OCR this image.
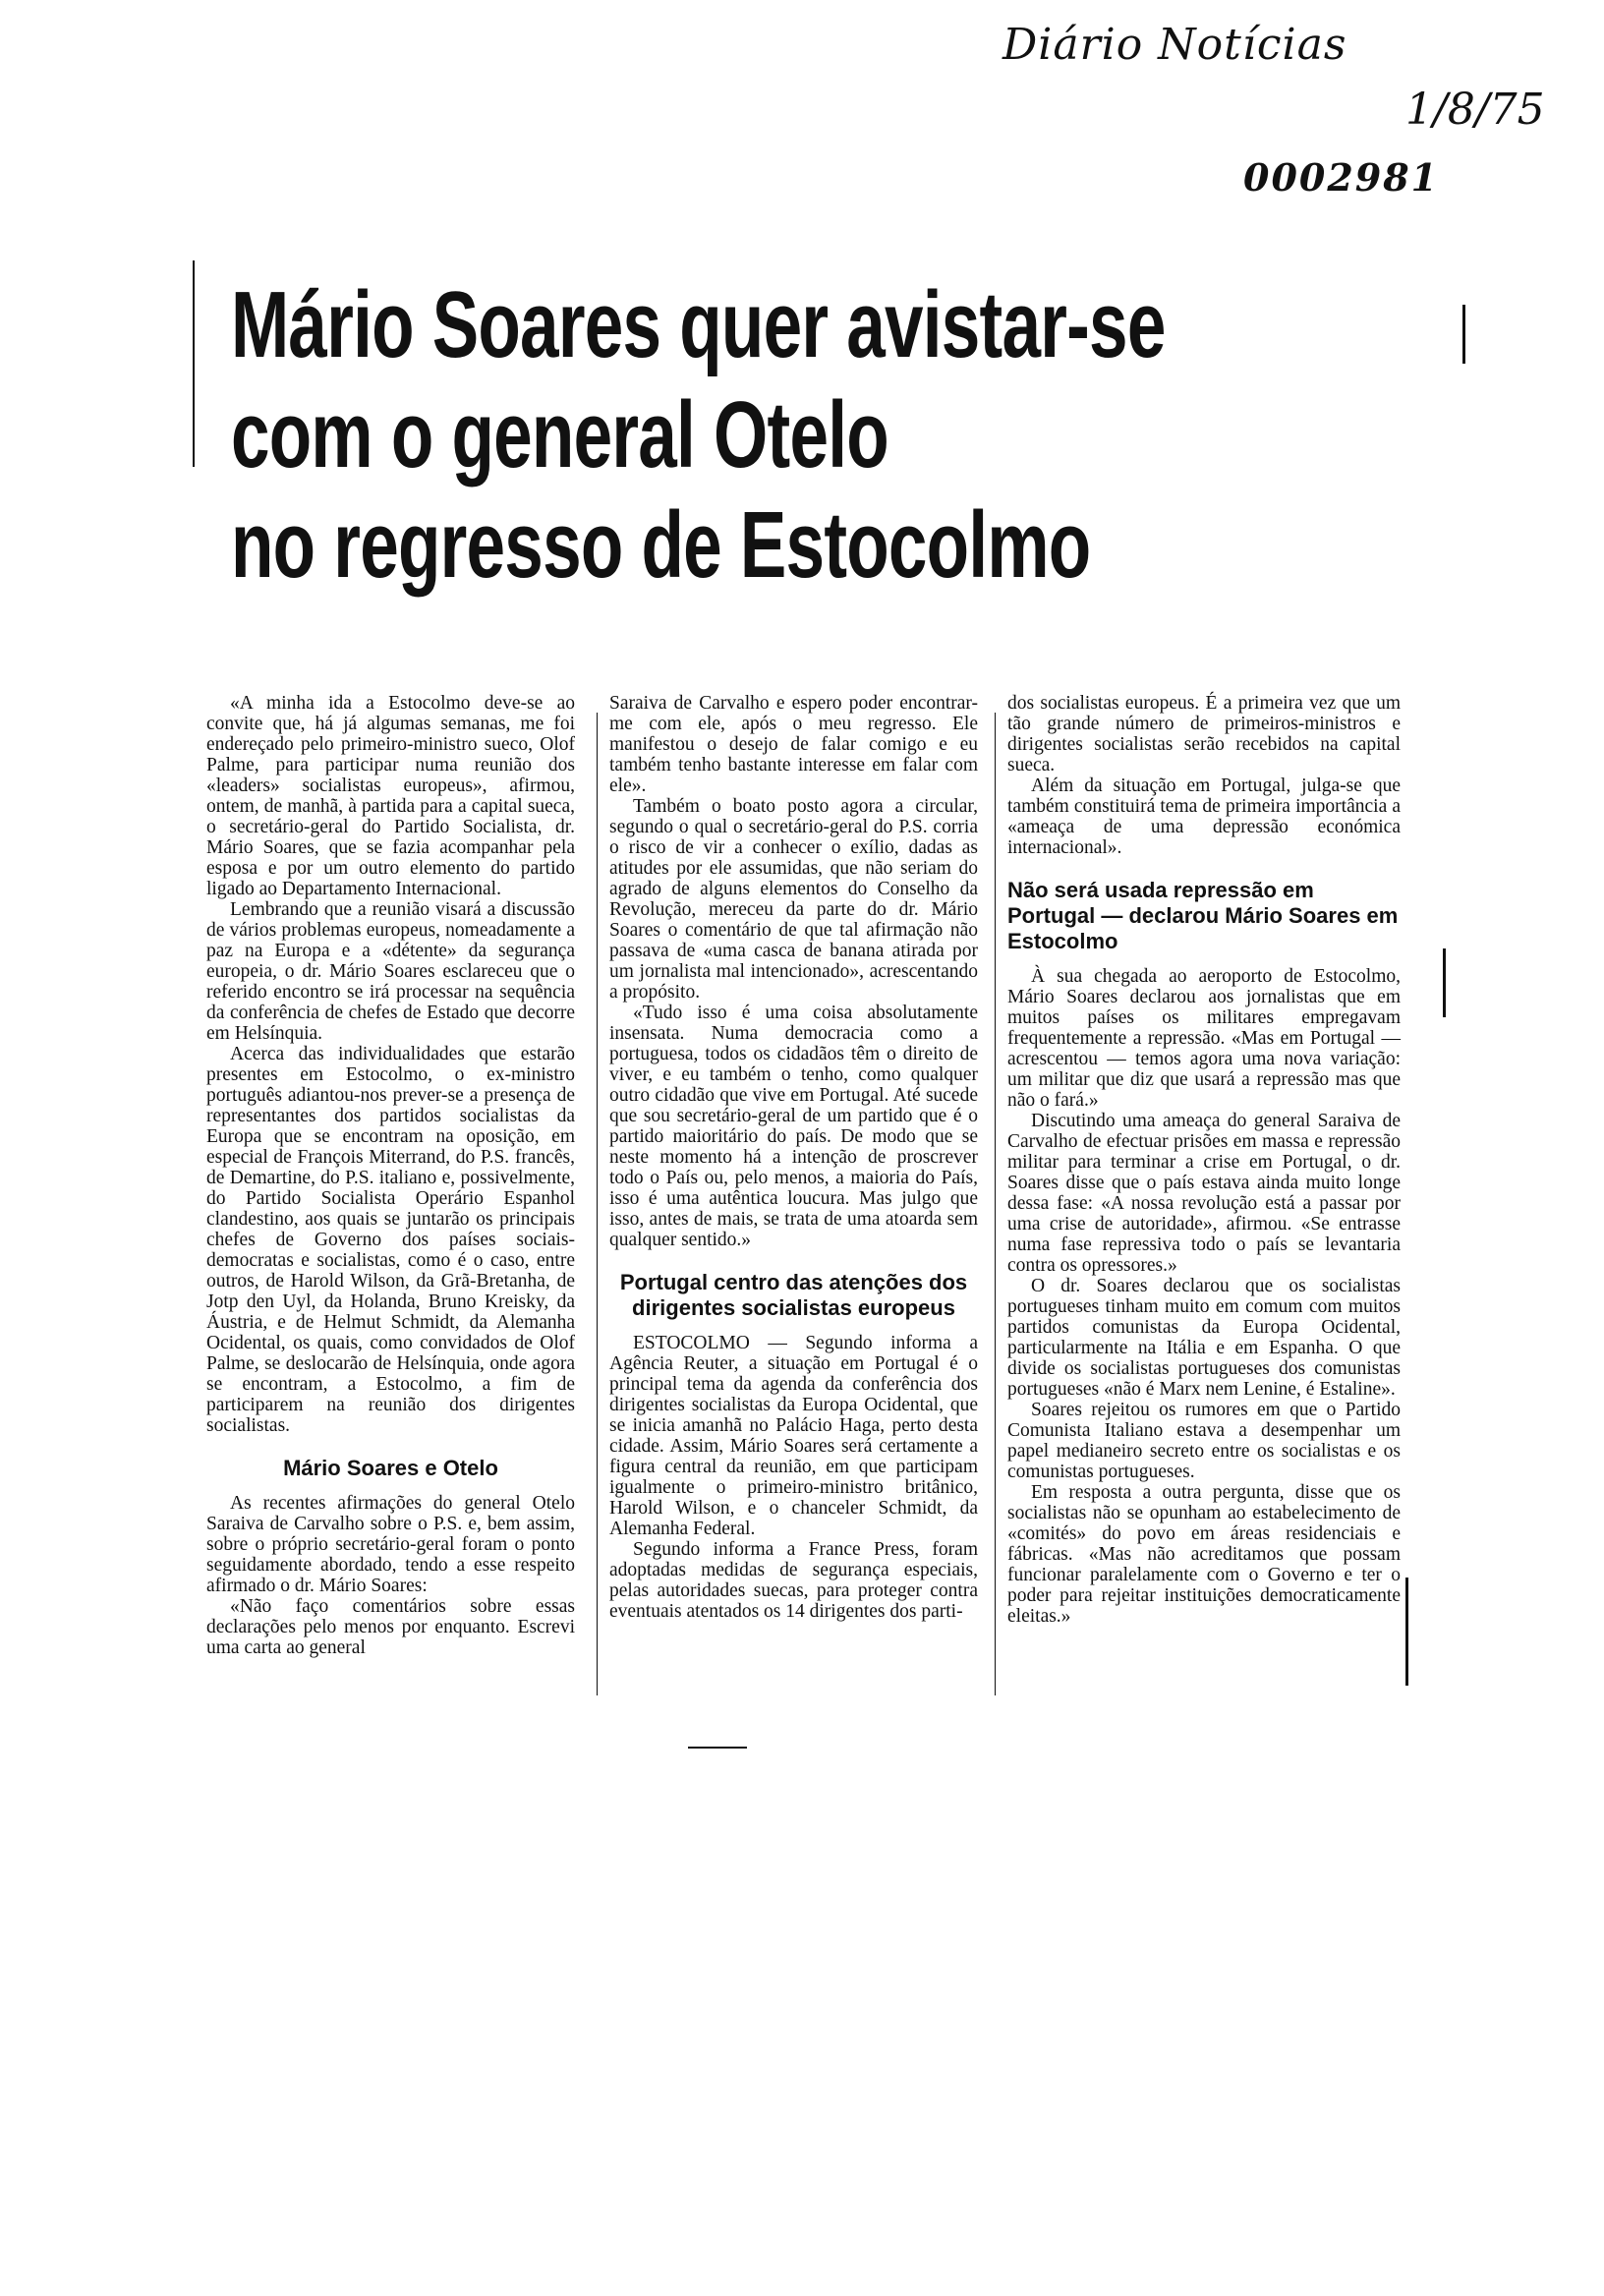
Diário Notícias
1/8/75
0002981
Mário Soares quer avistar-se
com o general Otelo
no regresso de Estocolmo

«A minha ida a Estocolmo deve-se ao convite que, há já algumas semanas, me foi endereçado pelo primeiro-ministro sueco, Olof Palme, para participar numa reunião dos «leaders» socialistas europeus», afirmou, ontem, de manhã, à partida para a capital sueca, o secretário-geral do Partido Socialista, dr. Mário Soares, que se fazia acompanhar pela esposa e por um outro elemento do partido ligado ao Departamento Internacional.

Lembrando que a reunião visará a discussão de vários problemas europeus, nomeadamente a paz na Europa e a «détente» da segurança europeia, o dr. Mário Soares esclareceu que o referido encontro se irá processar na sequência da conferência de chefes de Estado que decorre em Helsínquia.

Acerca das individualidades que estarão presentes em Estocolmo, o ex-ministro português adiantou-nos prever-se a presença de representantes dos partidos socialistas da Europa que se encontram na oposição, em especial de François Miterrand, do P.S. francês, de Demartine, do P.S. italiano e, possivelmente, do Partido Socialista Operário Espanhol clandestino, aos quais se juntarão os principais chefes de Governo dos países sociais-democratas e socialistas, como é o caso, entre outros, de Harold Wilson, da Grã-Bretanha, de Jotp den Uyl, da Holanda, Bruno Kreisky, da Áustria, e de Helmut Schmidt, da Alemanha Ocidental, os quais, como convidados de Olof Palme, se deslocarão de Helsínquia, onde agora se encontram, a Estocolmo, a fim de participarem na reunião dos dirigentes socialistas.

Mário Soares e Otelo

As recentes afirmações do general Otelo Saraiva de Carvalho sobre o P.S. e, bem assim, sobre o próprio secretário-geral foram o ponto seguidamente abordado, tendo a esse respeito afirmado o dr. Mário Soares:

«Não faço comentários sobre essas declarações pelo menos por enquanto. Escrevi uma carta ao general

Saraiva de Carvalho e espero poder encontrar-me com ele, após o meu regresso. Ele manifestou o desejo de falar comigo e eu também tenho bastante interesse em falar com ele».

Também o boato posto agora a circular, segundo o qual o secretário-geral do P.S. corria o risco de vir a conhecer o exílio, dadas as atitudes por ele assumidas, que não seriam do agrado de alguns elementos do Conselho da Revolução, mereceu da parte do dr. Mário Soares o comentário de que tal afirmação não passava de «uma casca de banana atirada por um jornalista mal intencionado», acrescentando a propósito.

«Tudo isso é uma coisa absolutamente insensata. Numa democracia como a portuguesa, todos os cidadãos têm o direito de viver, e eu também o tenho, como qualquer outro cidadão que vive em Portugal. Até sucede que sou secretário-geral de um partido que é o partido maioritário do país. De modo que se neste momento há a intenção de proscrever todo o País ou, pelo menos, a maioria do País, isso é uma autêntica loucura. Mas julgo que isso, antes de mais, se trata de uma atoarda sem qualquer sentido.»

Portugal centro das atenções dos dirigentes socialistas europeus

ESTOCOLMO — Segundo informa a Agência Reuter, a situação em Portugal é o principal tema da agenda da conferência dos dirigentes socialistas da Europa Ocidental, que se inicia amanhã no Palácio Haga, perto desta cidade. Assim, Mário Soares será certamente a figura central da reunião, em que participam igualmente o primeiro-ministro britânico, Harold Wilson, e o chanceler Schmidt, da Alemanha Federal.

Segundo informa a France Press, foram adoptadas medidas de segurança especiais, pelas autoridades suecas, para proteger contra eventuais atentados os 14 dirigentes dos parti-

dos socialistas europeus. É a primeira vez que um tão grande número de primeiros-ministros e dirigentes socialistas serão recebidos na capital sueca.

Além da situação em Portugal, julga-se que também constituirá tema de primeira importância a «ameaça de uma depressão económica internacional».

Não será usada repressão em Portugal — declarou Mário Soares em Estocolmo

À sua chegada ao aeroporto de Estocolmo, Mário Soares declarou aos jornalistas que em muitos países os militares empregavam frequentemente a repressão. «Mas em Portugal — acrescentou — temos agora uma nova variação: um militar que diz que usará a repressão mas que não o fará.»

Discutindo uma ameaça do general Saraiva de Carvalho de efectuar prisões em massa e repressão militar para terminar a crise em Portugal, o dr. Soares disse que o país estava ainda muito longe dessa fase: «A nossa revolução está a passar por uma crise de autoridade», afirmou. «Se entrasse numa fase repressiva todo o país se levantaria contra os opressores.»

O dr. Soares declarou que os socialistas portugueses tinham muito em comum com muitos partidos comunistas da Europa Ocidental, particularmente na Itália e em Espanha. O que divide os socialistas portugueses dos comunistas portugueses «não é Marx nem Lenine, é Estaline».

Soares rejeitou os rumores em que o Partido Comunista Italiano estava a desempenhar um papel medianeiro secreto entre os socialistas e os comunistas portugueses.

Em resposta a outra pergunta, disse que os socialistas não se opunham ao estabelecimento de «comités» do povo em áreas residenciais e fábricas. «Mas não acreditamos que possam funcionar paralelamente com o Governo e ter o poder para rejeitar instituições democraticamente eleitas.»
